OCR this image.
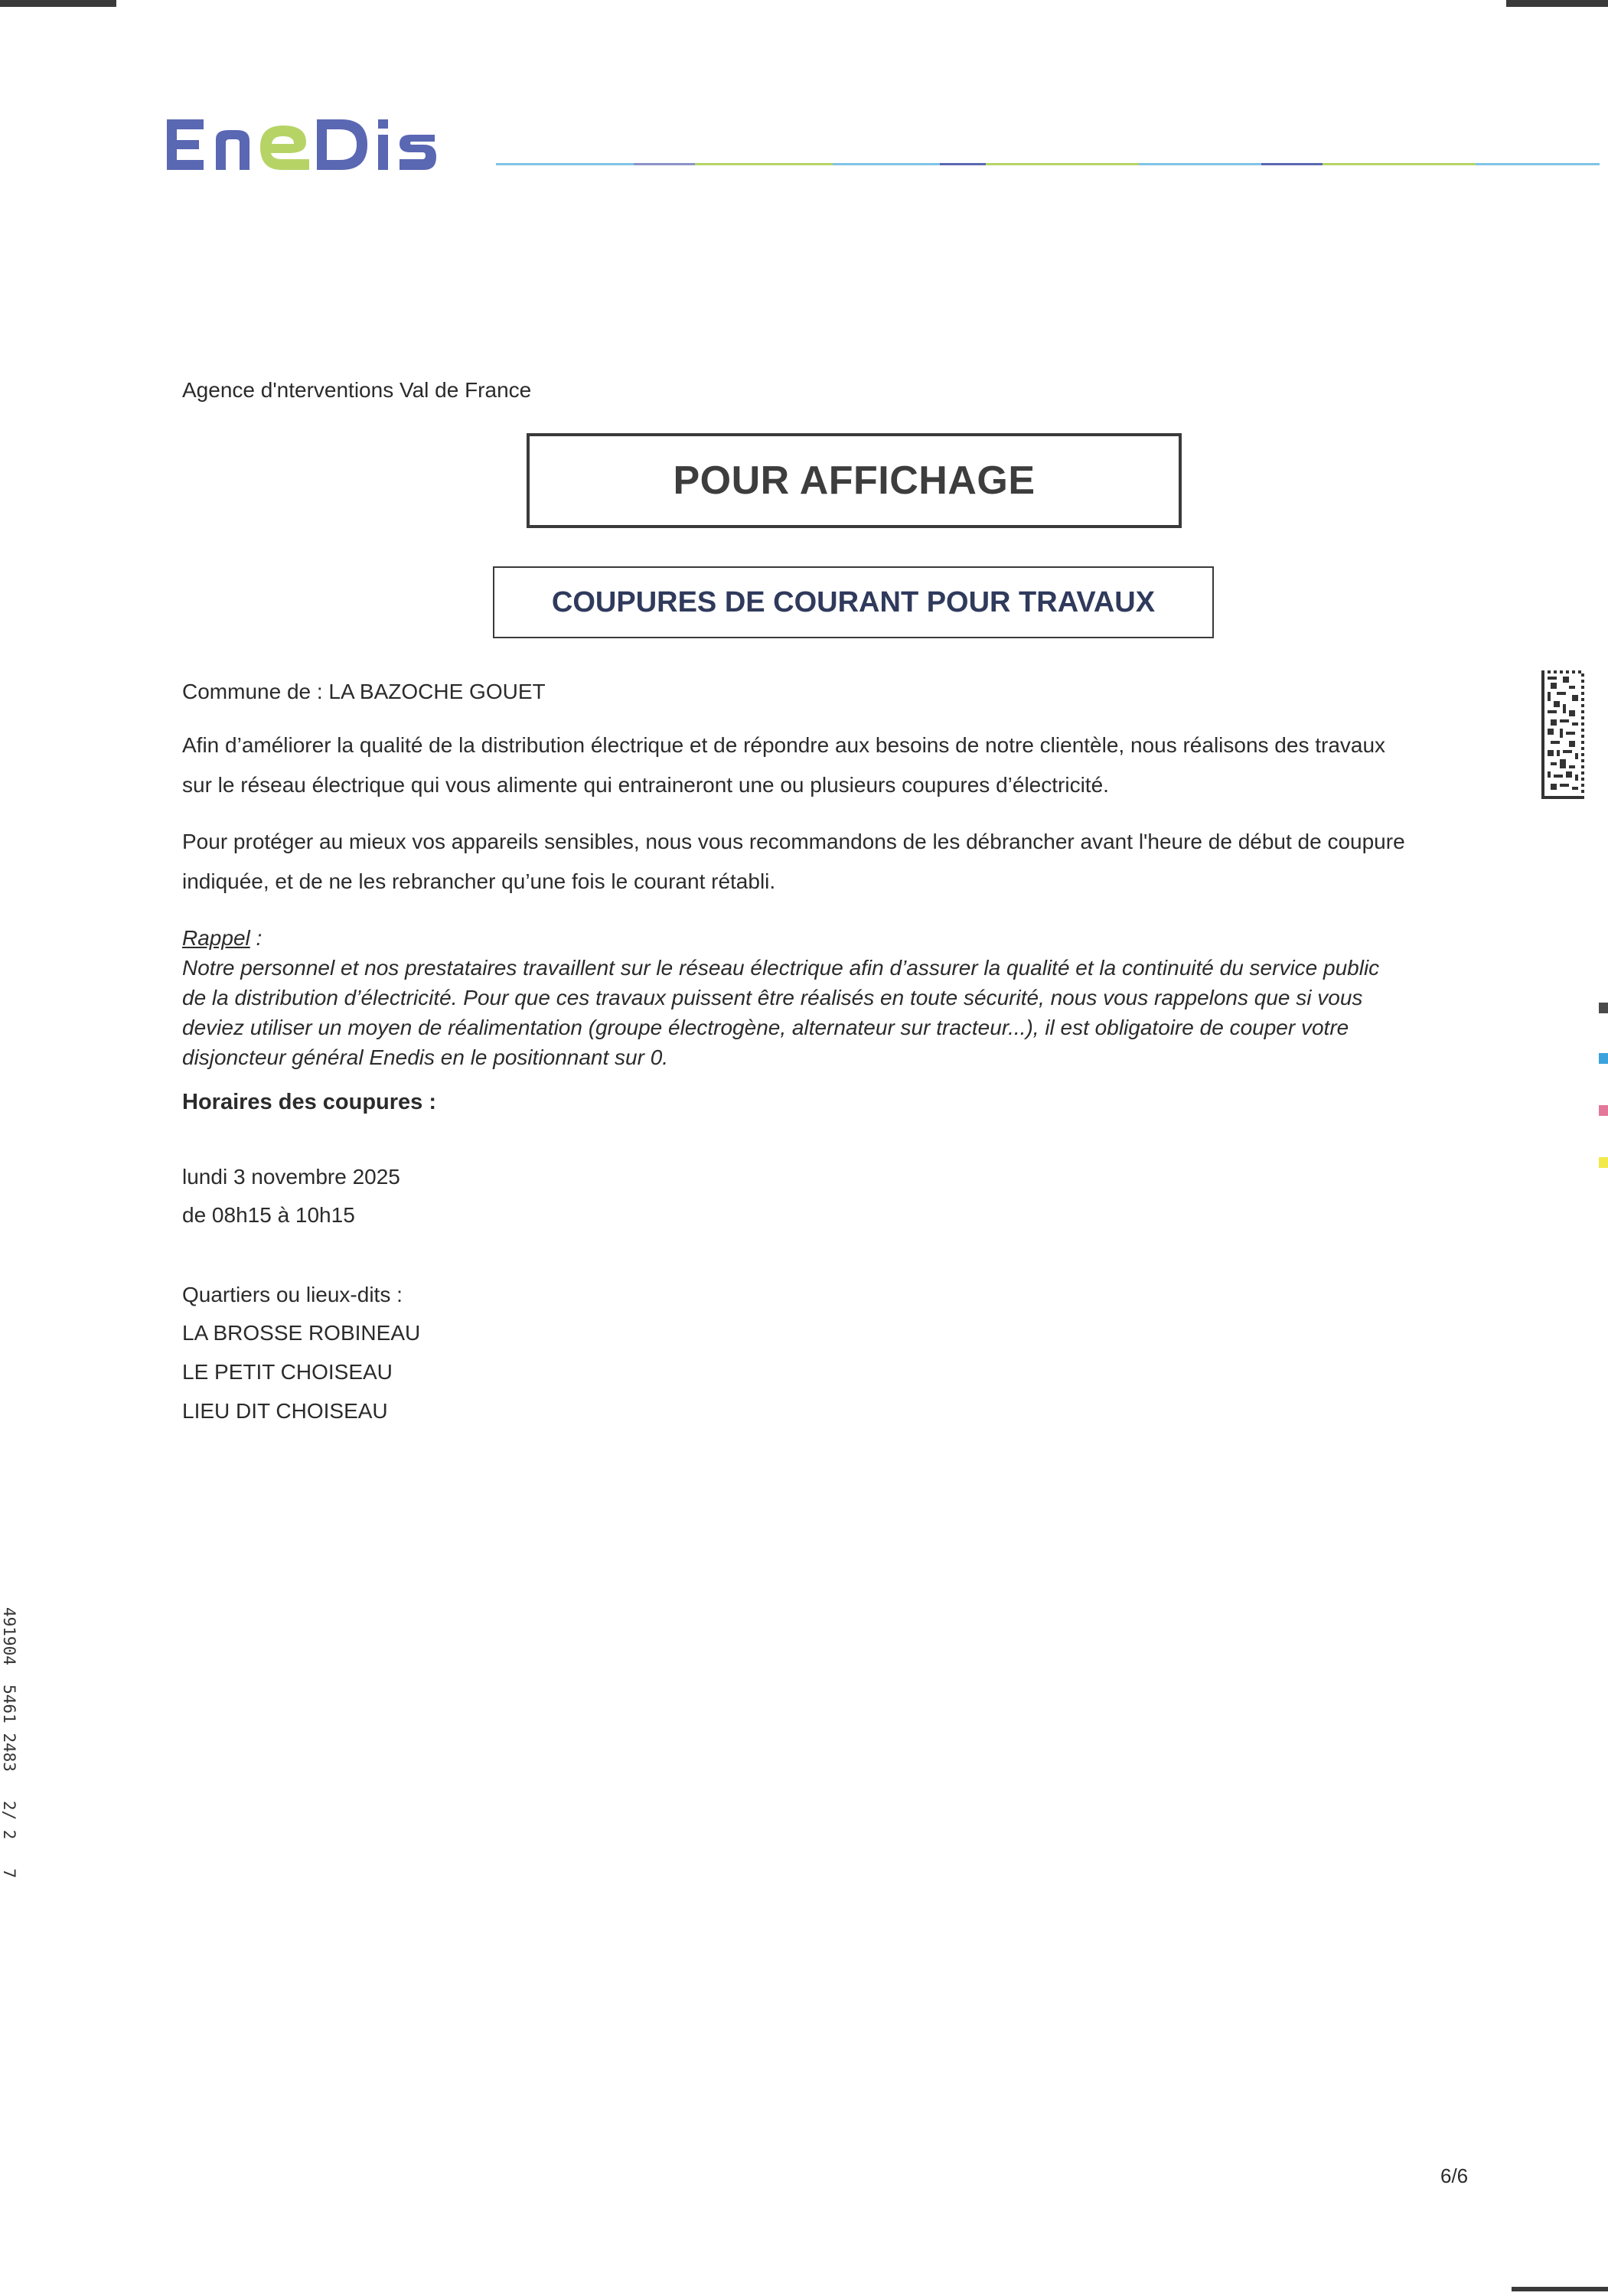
Agence d'nterventions Val de France
POUR AFFICHAGE
COUPURES DE COURANT POUR TRAVAUX
Commune de : LA BAZOCHE GOUET
Afin d’améliorer la qualité de la distribution électrique et de répondre aux besoins de notre clientèle, nous réalisons des travaux
sur le réseau électrique qui vous alimente qui entraineront une ou plusieurs coupures d’électricité.
Pour protéger au mieux vos appareils sensibles, nous vous recommandons de les débrancher avant l'heure de début de coupure
indiquée, et de ne les rebrancher qu’une fois le courant rétabli.
Rappel :
Notre personnel et nos prestataires travaillent sur le réseau électrique afin d’assurer la qualité et la continuité du service public
de la distribution d’électricité. Pour que ces travaux puissent être réalisés en toute sécurité, nous vous rappelons que si vous
deviez utiliser un moyen de réalimentation (groupe électrogène, alternateur sur tracteur...), il est obligatoire de couper votre
disjoncteur général Enedis en le positionnant sur 0.
Horaires des coupures :
lundi 3 novembre 2025
de 08h15 à 10h15
Quartiers ou lieux-dits :
LA BROSSE ROBINEAU
LE PETIT CHOISEAU
LIEU DIT CHOISEAU
491904  5461 2483   2/ 2   7
6/6
